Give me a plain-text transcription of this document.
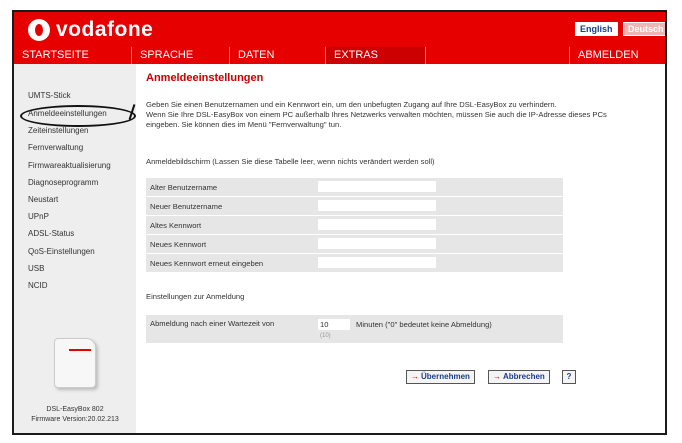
vodafone	English	Deutsch
STARTSEITE	SPRACHE	DATEN	EXTRAS	ABMELDEN
UMTS-Stick
Anmeldeeinstellungen
Zeiteinstellungen
Fernverwaltung
Firmwareaktualisierung
Diagnoseprogramm
Neustart
UPnP
ADSL-Status
QoS-Einstellungen
USB
NCID
DSL-EasyBox 802
Firmware Version:20.02.213
Anmeldeeinstellungen
Geben Sie einen Benutzernamen und ein Kennwort ein, um den unbefugten Zugang auf Ihre DSL-EasyBox zu verhindern.
Wenn Sie Ihre DSL-EasyBox von einem PC außerhalb Ihres Netzwerks verwalten möchten, müssen Sie auch die IP-Adresse dieses PCs
eingeben. Sie können dies im Menü "Fernverwaltung" tun.
Anmeldebildschirm (Lassen Sie diese Tabelle leer, wenn nichts verändert werden soll)
Alter Benutzername
Neuer Benutzername
Altes Kennwort
Neues Kennwort
Neues Kennwort erneut eingeben
Einstellungen zur Anmeldung
Abmeldung nach einer Wartezeit von
10	Minuten ("0" bedeutet keine Abmeldung)
(10)
→ Übernehmen	→ Abbrechen	?
